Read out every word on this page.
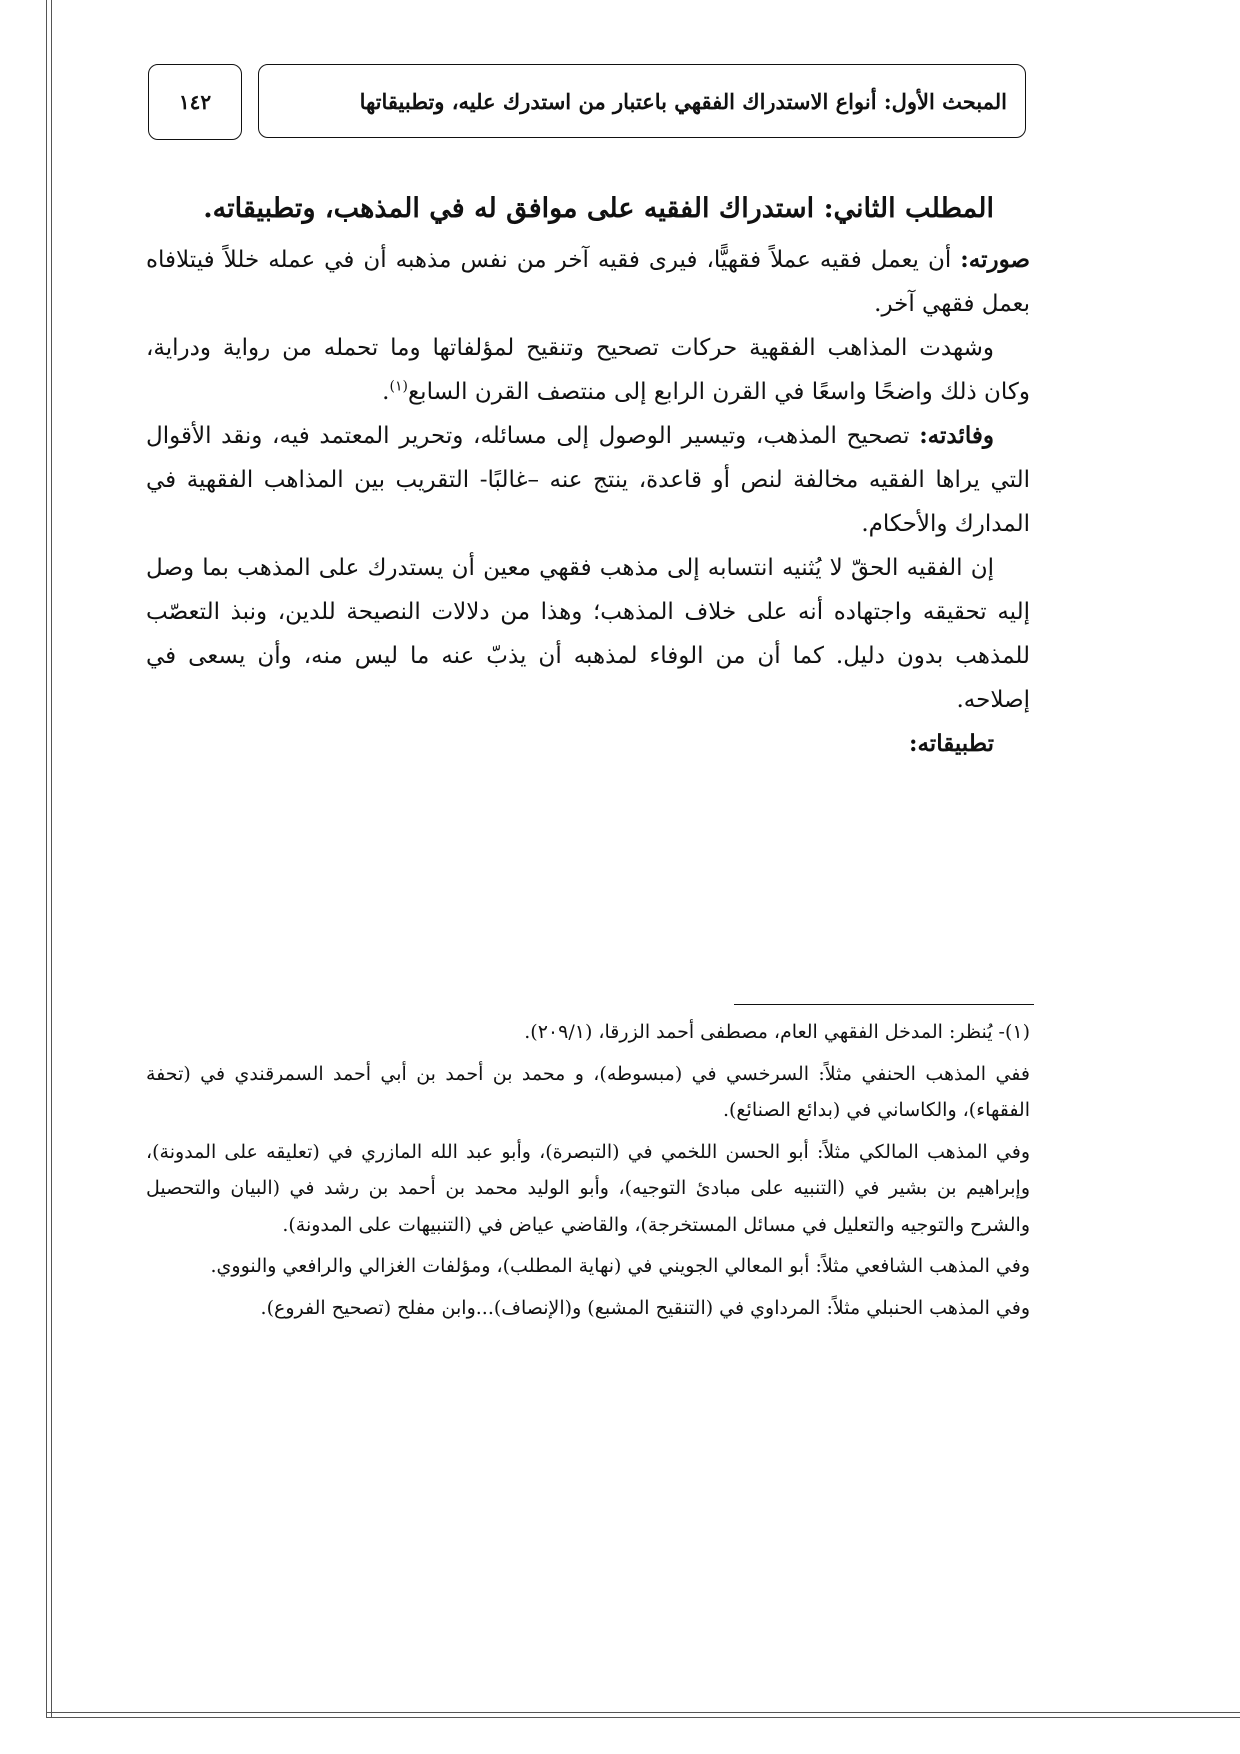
١٤٢	المبحث الأول: أنواع الاستدراك الفقهي باعتبار من استدرك عليه، وتطبيقاتها

المطلب الثاني: استدراك الفقيه على موافق له في المذهب، وتطبيقاته.

صورته: أن يعمل فقيه عملاً فقهيًّا، فيرى فقيه آخر من نفس مذهبه أن في عمله خللاً فيتلافاه بعمل فقهي آخر.

وشهدت المذاهب الفقهية حركات تصحيح وتنقيح لمؤلفاتها وما تحمله من رواية ودراية، وكان ذلك واضحًا واسعًا في القرن الرابع إلى منتصف القرن السابع$^{(١)}$.

وفائدته: تصحيح المذهب، وتيسير الوصول إلى مسائله، وتحرير المعتمد فيه، ونقد الأقوال التي يراها الفقيه مخالفة لنص أو قاعدة، ينتج عنه –غالبًا- التقريب بين المذاهب الفقهية في المدارك والأحكام.

إن الفقيه الحقّ لا يُثنيه انتسابه إلى مذهب فقهي معين أن يستدرك على المذهب بما وصل إليه تحقيقه واجتهاده أنه على خلاف المذهب؛ وهذا من دلالات النصيحة للدين، ونبذ التعصّب للمذهب بدون دليل. كما أن من الوفاء لمذهبه أن يذبّ عنه ما ليس منه، وأن يسعى في إصلاحه.

تطبيقاته:

(١)- يُنظر: المدخل الفقهي العام، مصطفى أحمد الزرقا، (٢٠٩/١).

ففي المذهب الحنفي مثلاً: السرخسي في (مبسوطه)، و محمد بن أحمد بن أبي أحمد السمرقندي في (تحفة الفقهاء)، والكاساني في (بدائع الصنائع).

وفي المذهب المالكي مثلاً: أبو الحسن اللخمي في (التبصرة)، وأبو عبد الله المازري في (تعليقه على المدونة)، وإبراهيم بن بشير في (التنبيه على مبادئ التوجيه)، وأبو الوليد محمد بن أحمد بن رشد في (البيان والتحصيل والشرح والتوجيه والتعليل في مسائل المستخرجة)، والقاضي عياض في (التنبيهات على المدونة).

وفي المذهب الشافعي مثلاً: أبو المعالي الجويني في (نهاية المطلب)، ومؤلفات الغزالي والرافعي والنووي.

وفي المذهب الحنبلي مثلاً: المرداوي في (التنقيح المشبع) و(الإنصاف)...وابن مفلح (تصحيح الفروع).
